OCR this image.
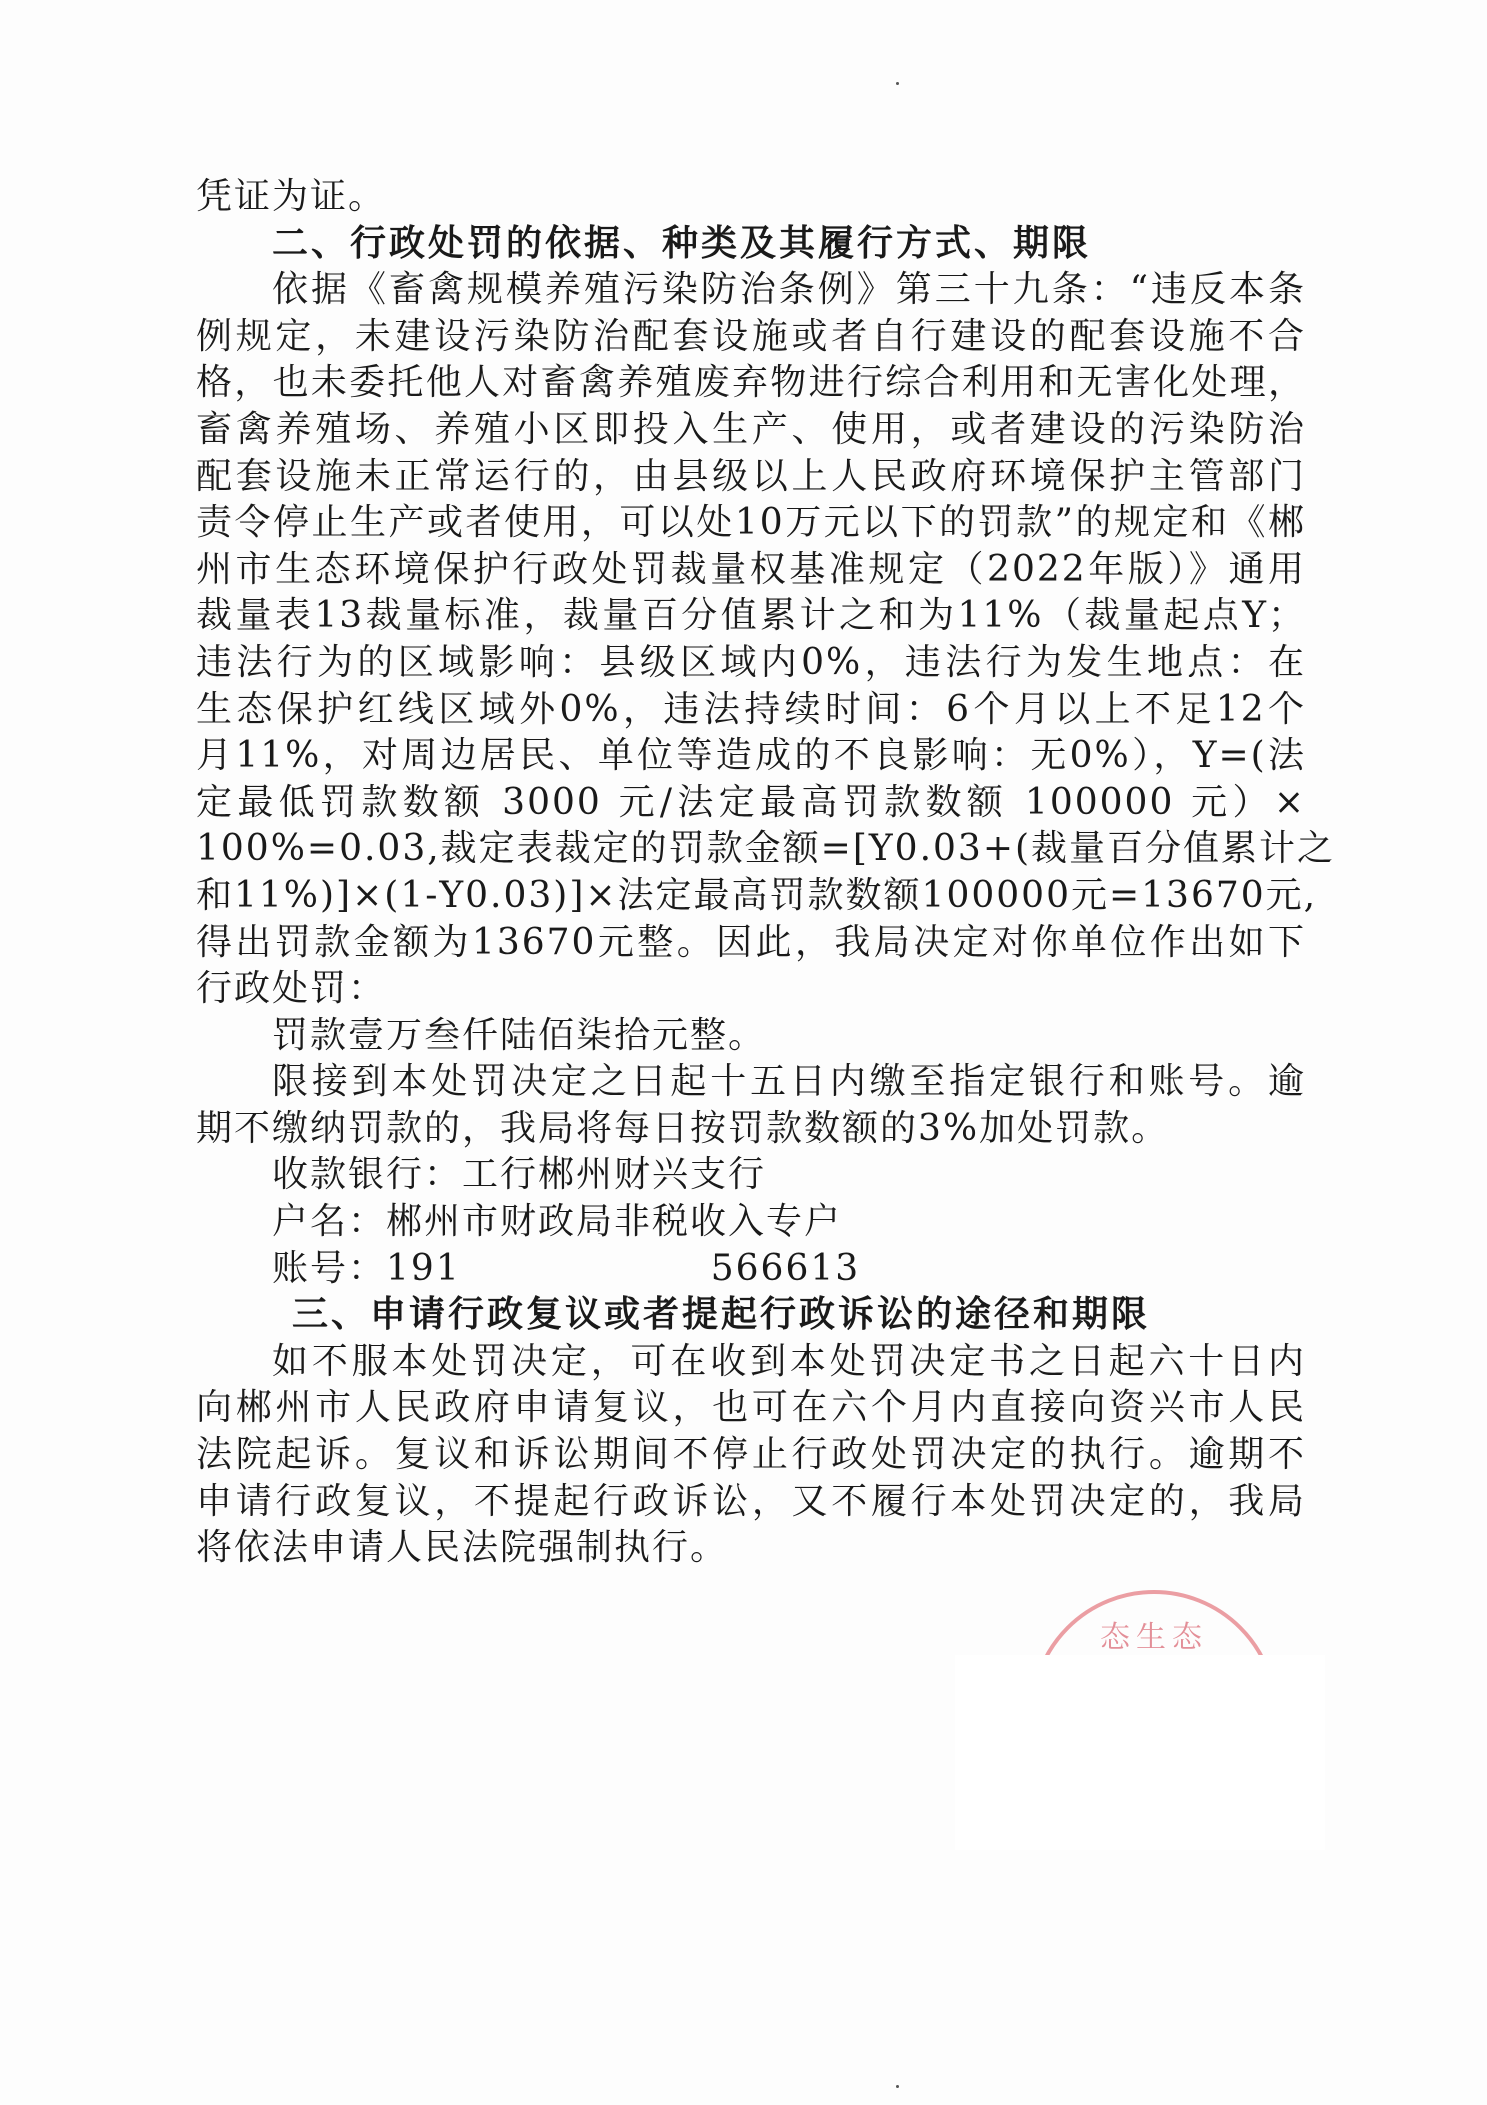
凭证为证。
二、行政处罚的依据、种类及其履行方式、期限
依据《畜禽规模养殖污染防治条例》第三十九条：“违反本条
例规定，未建设污染防治配套设施或者自行建设的配套设施不合
格，也未委托他人对畜禽养殖废弃物进行综合利用和无害化处理，
畜禽养殖场、养殖小区即投入生产、使用，或者建设的污染防治
配套设施未正常运行的，由县级以上人民政府环境保护主管部门
责令停止生产或者使用，可以处10万元以下的罚款”的规定和《郴
州市生态环境保护行政处罚裁量权基准规定（2022年版）》通用
裁量表13裁量标准，裁量百分值累计之和为11%（裁量起点Y；
违法行为的区域影响：县级区域内0%，违法行为发生地点：在
生态保护红线区域外0%，违法持续时间：6个月以上不足12个
月11%，对周边居民、单位等造成的不良影响：无0%），Y=(法
定最低罚款数额 3000 元/法定最高罚款数额 100000 元）×
100%=0.03,裁定表裁定的罚款金额=[Y0.03+(裁量百分值累计之
和11%)]×(1-Y0.03)]×法定最高罚款数额100000元=13670元,
得出罚款金额为13670元整。因此，我局决定对你单位作出如下
行政处罚：
罚款壹万叁仟陆佰柒拾元整。
限接到本处罚决定之日起十五日内缴至指定银行和账号。逾
期不缴纳罚款的，我局将每日按罚款数额的3%加处罚款。
收款银行：工行郴州财兴支行
户名：郴州市财政局非税收入专户
账号：191	566613
三、申请行政复议或者提起行政诉讼的途径和期限
如不服本处罚决定，可在收到本处罚决定书之日起六十日内
向郴州市人民政府申请复议，也可在六个月内直接向资兴市人民
法院起诉。复议和诉讼期间不停止行政处罚决定的执行。逾期不
申请行政复议，不提起行政诉讼，又不履行本处罚决定的，我局
将依法申请人民法院强制执行。
态生态
